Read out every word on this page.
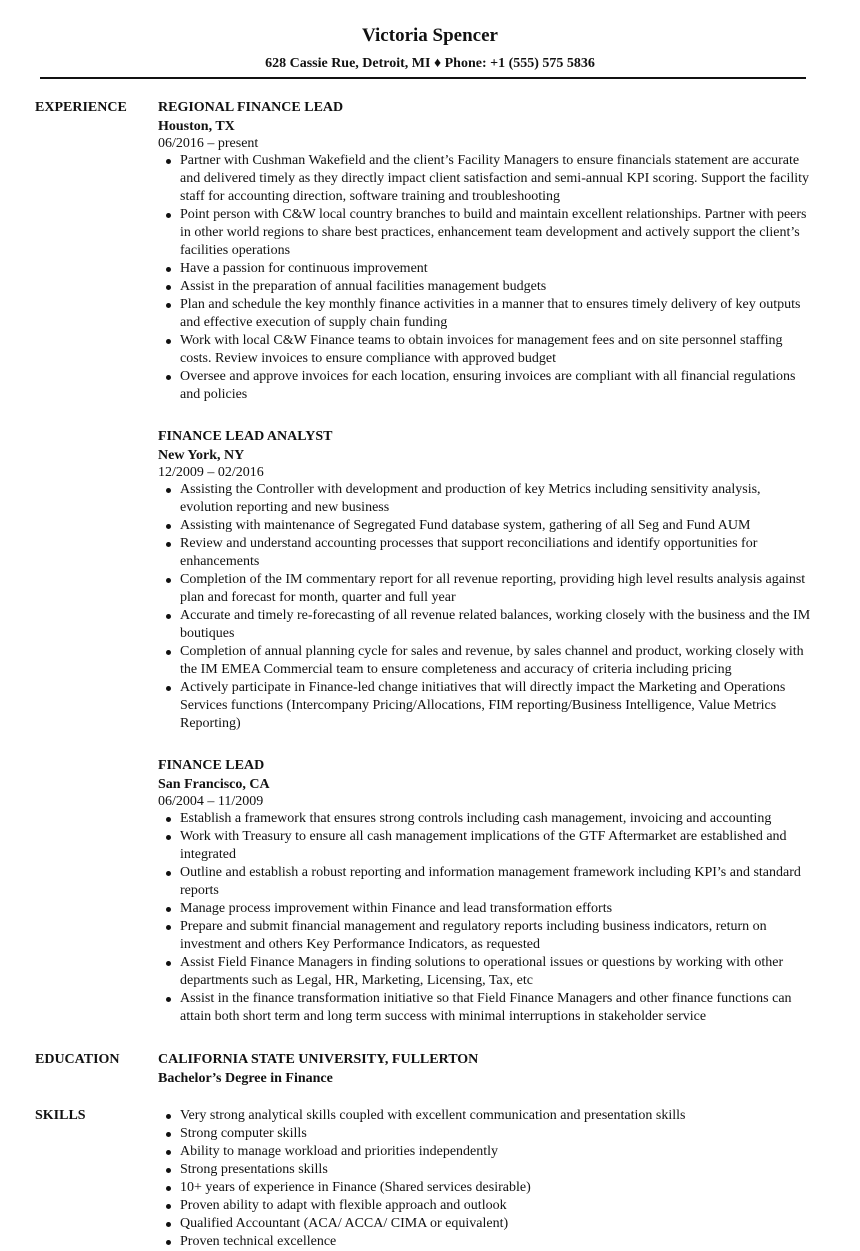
Victoria Spencer
628 Cassie Rue, Detroit, MI ♦ Phone: +1 (555) 575 5836
EXPERIENCE REGIONAL FINANCE LEAD
Houston, TX
06/2016 – present
Partner with Cushman Wakefield and the client’s Facility Managers to ensure financials statement are accurate and delivered timely as they directly impact client satisfaction and semi-annual KPI scoring. Support the facility staff for accounting direction, software training and troubleshooting
Point person with C&W local country branches to build and maintain excellent relationships. Partner with peers in other world regions to share best practices, enhancement team development and actively support the client’s facilities operations
Have a passion for continuous improvement
Assist in the preparation of annual facilities management budgets
Plan and schedule the key monthly finance activities in a manner that to ensures timely delivery of key outputs and effective execution of supply chain funding
Work with local C&W Finance teams to obtain invoices for management fees and on site personnel staffing costs. Review invoices to ensure compliance with approved budget
Oversee and approve invoices for each location, ensuring invoices are compliant with all financial regulations and policies
FINANCE LEAD ANALYST
New York, NY
12/2009 – 02/2016
Assisting the Controller with development and production of key Metrics including sensitivity analysis, evolution reporting and new business
Assisting with maintenance of Segregated Fund database system, gathering of all Seg and Fund AUM
Review and understand accounting processes that support reconciliations and identify opportunities for enhancements
Completion of the IM commentary report for all revenue reporting, providing high level results analysis against plan and forecast for month, quarter and full year
Accurate and timely re-forecasting of all revenue related balances, working closely with the business and the IM boutiques
Completion of annual planning cycle for sales and revenue, by sales channel and product, working closely with the IM EMEA Commercial team to ensure completeness and accuracy of criteria including pricing
Actively participate in Finance-led change initiatives that will directly impact the Marketing and Operations Services functions (Intercompany Pricing/Allocations, FIM reporting/Business Intelligence, Value Metrics Reporting)
FINANCE LEAD
San Francisco, CA
06/2004 – 11/2009
Establish a framework that ensures strong controls including cash management, invoicing and accounting
Work with Treasury to ensure all cash management implications of the GTF Aftermarket are established and integrated
Outline and establish a robust reporting and information management framework including KPI’s and standard reports
Manage process improvement within Finance and lead transformation efforts
Prepare and submit financial management and regulatory reports including business indicators, return on investment and others Key Performance Indicators, as requested
Assist Field Finance Managers in finding solutions to operational issues or questions by working with other departments such as Legal, HR, Marketing, Licensing, Tax, etc
Assist in the finance transformation initiative so that Field Finance Managers and other finance functions can attain both short term and long term success with minimal interruptions in stakeholder service
EDUCATION	CALIFORNIA STATE UNIVERSITY, FULLERTON
Bachelor’s Degree in Finance
SKILLS	Very strong analytical skills coupled with excellent communication and presentation skills
Strong computer skills
Ability to manage workload and priorities independently
Strong presentations skills
10+ years of experience in Finance (Shared services desirable)
Proven ability to adapt with flexible approach and outlook
Qualified Accountant (ACA/ ACCA/ CIMA or equivalent)
Proven technical excellence
